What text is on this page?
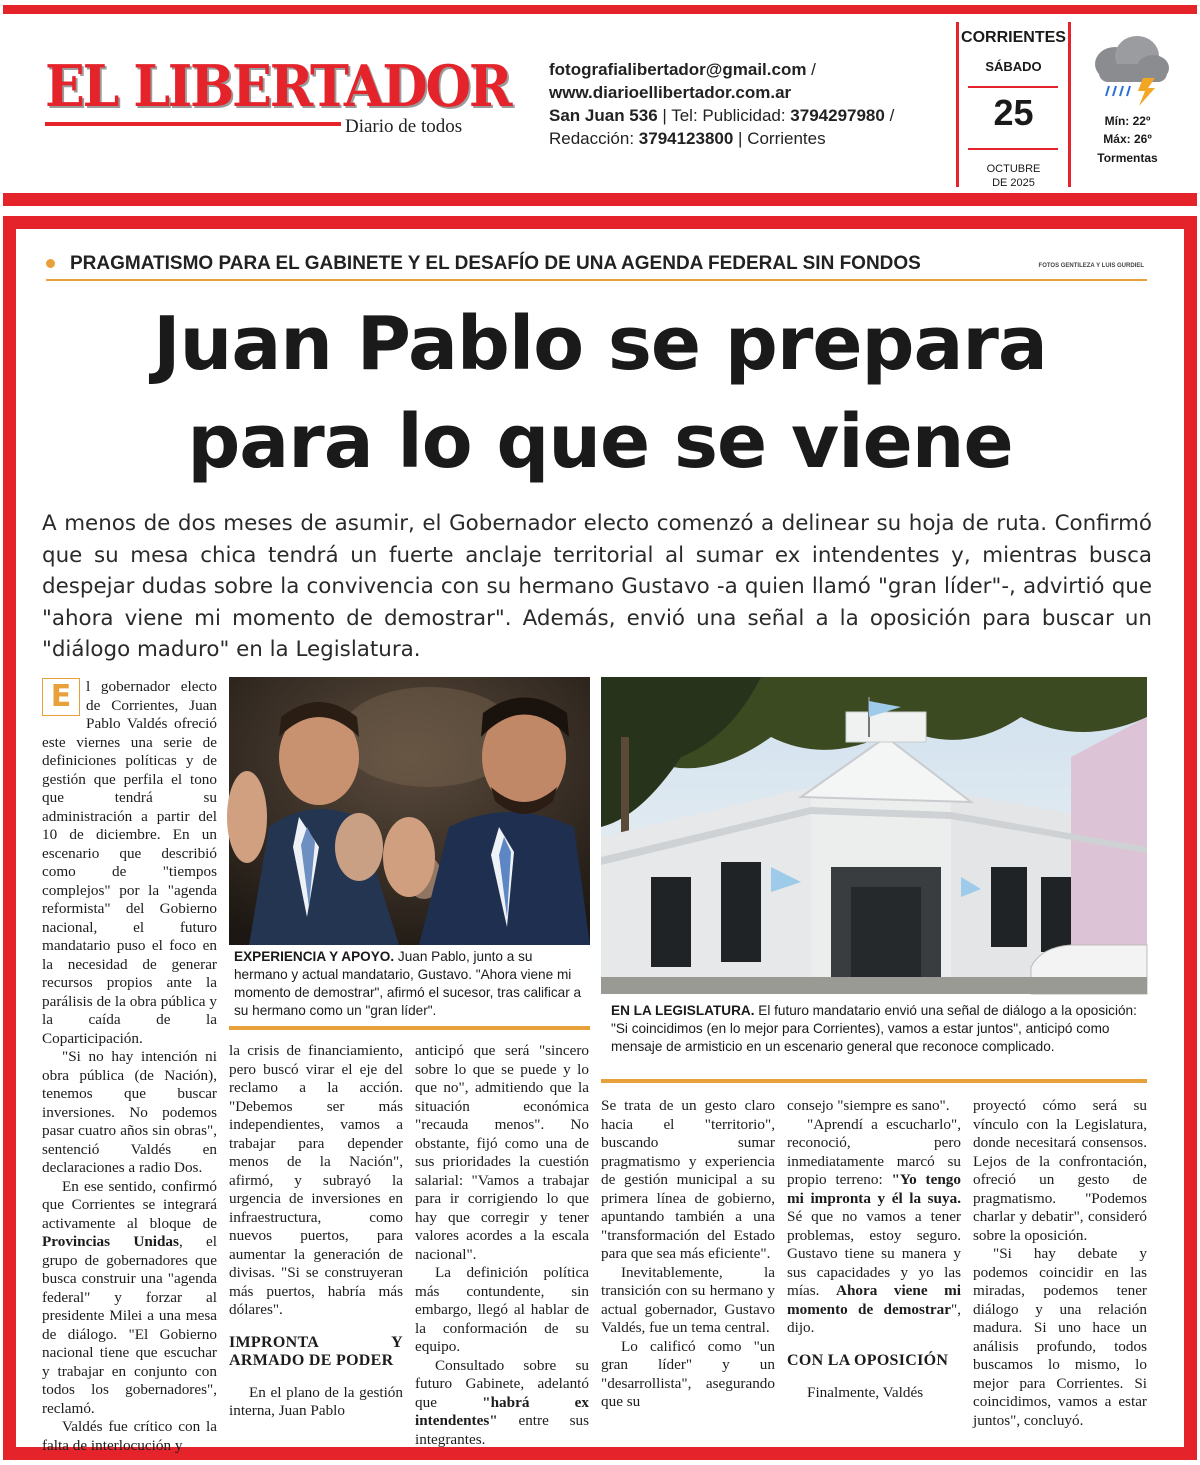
EL LIBERTADOR
Diario de todos
fotografialibertador@gmail.com /
www.diarioellibertador.com.ar
San Juan 536 | Tel: Publicidad: 3794297980 /
Redacción: 3794123800 | Corrientes
CORRIENTES
SÁBADO
25
OCTUBRE
DE 2025
Mín: 22º
Máx: 26º
Tormentas
PRAGMATISMO PARA EL GABINETE Y EL DESAFÍO DE UNA AGENDA FEDERAL SIN FONDOS	FOTOS GENTILEZA Y LUIS GURDIEL
Juan Pablo se prepara
para lo que se viene

A menos de dos meses de asumir, el Gobernador electo comenzó a delinear su hoja de ruta. Confirmó que su mesa chica tendrá un fuerte anclaje territorial al sumar ex intendentes y, mientras busca despejar dudas sobre la convivencia con su hermano Gustavo -a quien llamó "gran líder"-, advirtió que "ahora viene mi momento de demostrar". Además, envió una señal a la oposición para buscar un "diálogo maduro" en la Legislatura.

EXPERIENCIA Y APOYO. Juan Pablo, junto a su hermano y actual mandatario, Gustavo. "Ahora viene mi momento de demostrar", afirmó el sucesor, tras calificar a su hermano como un "gran líder".	EN LA LEGISLATURA. El futuro mandatario envió una señal de diálogo a la oposición: "Si coincidimos (en lo mejor para Corrientes), vamos a estar juntos", anticipó como mensaje de armisticio en un escenario general que reconoce complicado.

E l gobernador electo de Corrientes, Juan Pablo Valdés ofreció este viernes una serie de definiciones políticas y de gestión que perfila el tono que tendrá su administración a partir del 10 de diciembre. En un escenario que describió como de "tiempos complejos" por la "agenda reformista" del Gobierno nacional, el futuro mandatario puso el foco en la necesidad de generar recursos propios ante la parálisis de la obra pública y la caída de la Coparticipación.

"Si no hay intención ni obra pública (de Nación), tenemos que buscar inversiones. No podemos pasar cuatro años sin obras", sentenció Valdés en declaraciones a radio Dos.

En ese sentido, confirmó que Corrientes se integrará activamente al bloque de Provincias Unidas, el grupo de gobernadores que busca construir una "agenda federal" y forzar al presidente Milei a una mesa de diálogo. "El Gobierno nacional tiene que escuchar y trabajar en conjunto con todos los gobernadores", reclamó.

Valdés fue crítico con la falta de interlocución y

la crisis de financiamiento, pero buscó virar el eje del reclamo a la acción. "Debemos ser más independientes, vamos a trabajar para depender menos de la Nación", afirmó, y subrayó la urgencia de inversiones en infraestructura, como nuevos puertos, para aumentar la generación de divisas. "Si se construyeran más puertos, habría más dólares".

IMPRONTA Y ARMADO DE PODER

En el plano de la gestión interna, Juan Pablo

anticipó que será "sincero sobre lo que se puede y lo que no", admitiendo que la situación económica "recauda menos". No obstante, fijó como una de sus prioridades la cuestión salarial: "Vamos a trabajar para ir corrigiendo lo que hay que corregir y tener valores acordes a la escala nacional".

La definición política más contundente, sin embargo, llegó al hablar de la conformación de su equipo.

Consultado sobre su futuro Gabinete, adelantó que "habrá ex intendentes" entre sus integrantes.

Se trata de un gesto claro hacia el "territorio", buscando sumar pragmatismo y experiencia de gestión municipal a su primera línea de gobierno, apuntando también a una "transformación del Estado para que sea más eficiente".

Inevitablemente, la transición con su hermano y actual gobernador, Gustavo Valdés, fue un tema central.

Lo calificó como "un gran líder" y un "desarrollista", asegurando que su

consejo "siempre es sano".

"Aprendí a escucharlo", reconoció, pero inmediatamente marcó su propio terreno: "Yo tengo mi impronta y él la suya. Sé que no vamos a tener problemas, estoy seguro. Gustavo tiene su manera y sus capacidades y yo las mías. Ahora viene mi momento de demostrar", dijo.

CON LA OPOSICIÓN

Finalmente, Valdés

proyectó cómo será su vínculo con la Legislatura, donde necesitará consensos. Lejos de la confrontación, ofreció un gesto de pragmatismo. "Podemos charlar y debatir", consideró sobre la oposición.

"Si hay debate y podemos coincidir en las miradas, podemos tener diálogo y una relación madura. Si uno hace un análisis profundo, todos buscamos lo mismo, lo mejor para Corrientes. Si coincidimos, vamos a estar juntos", concluyó.
